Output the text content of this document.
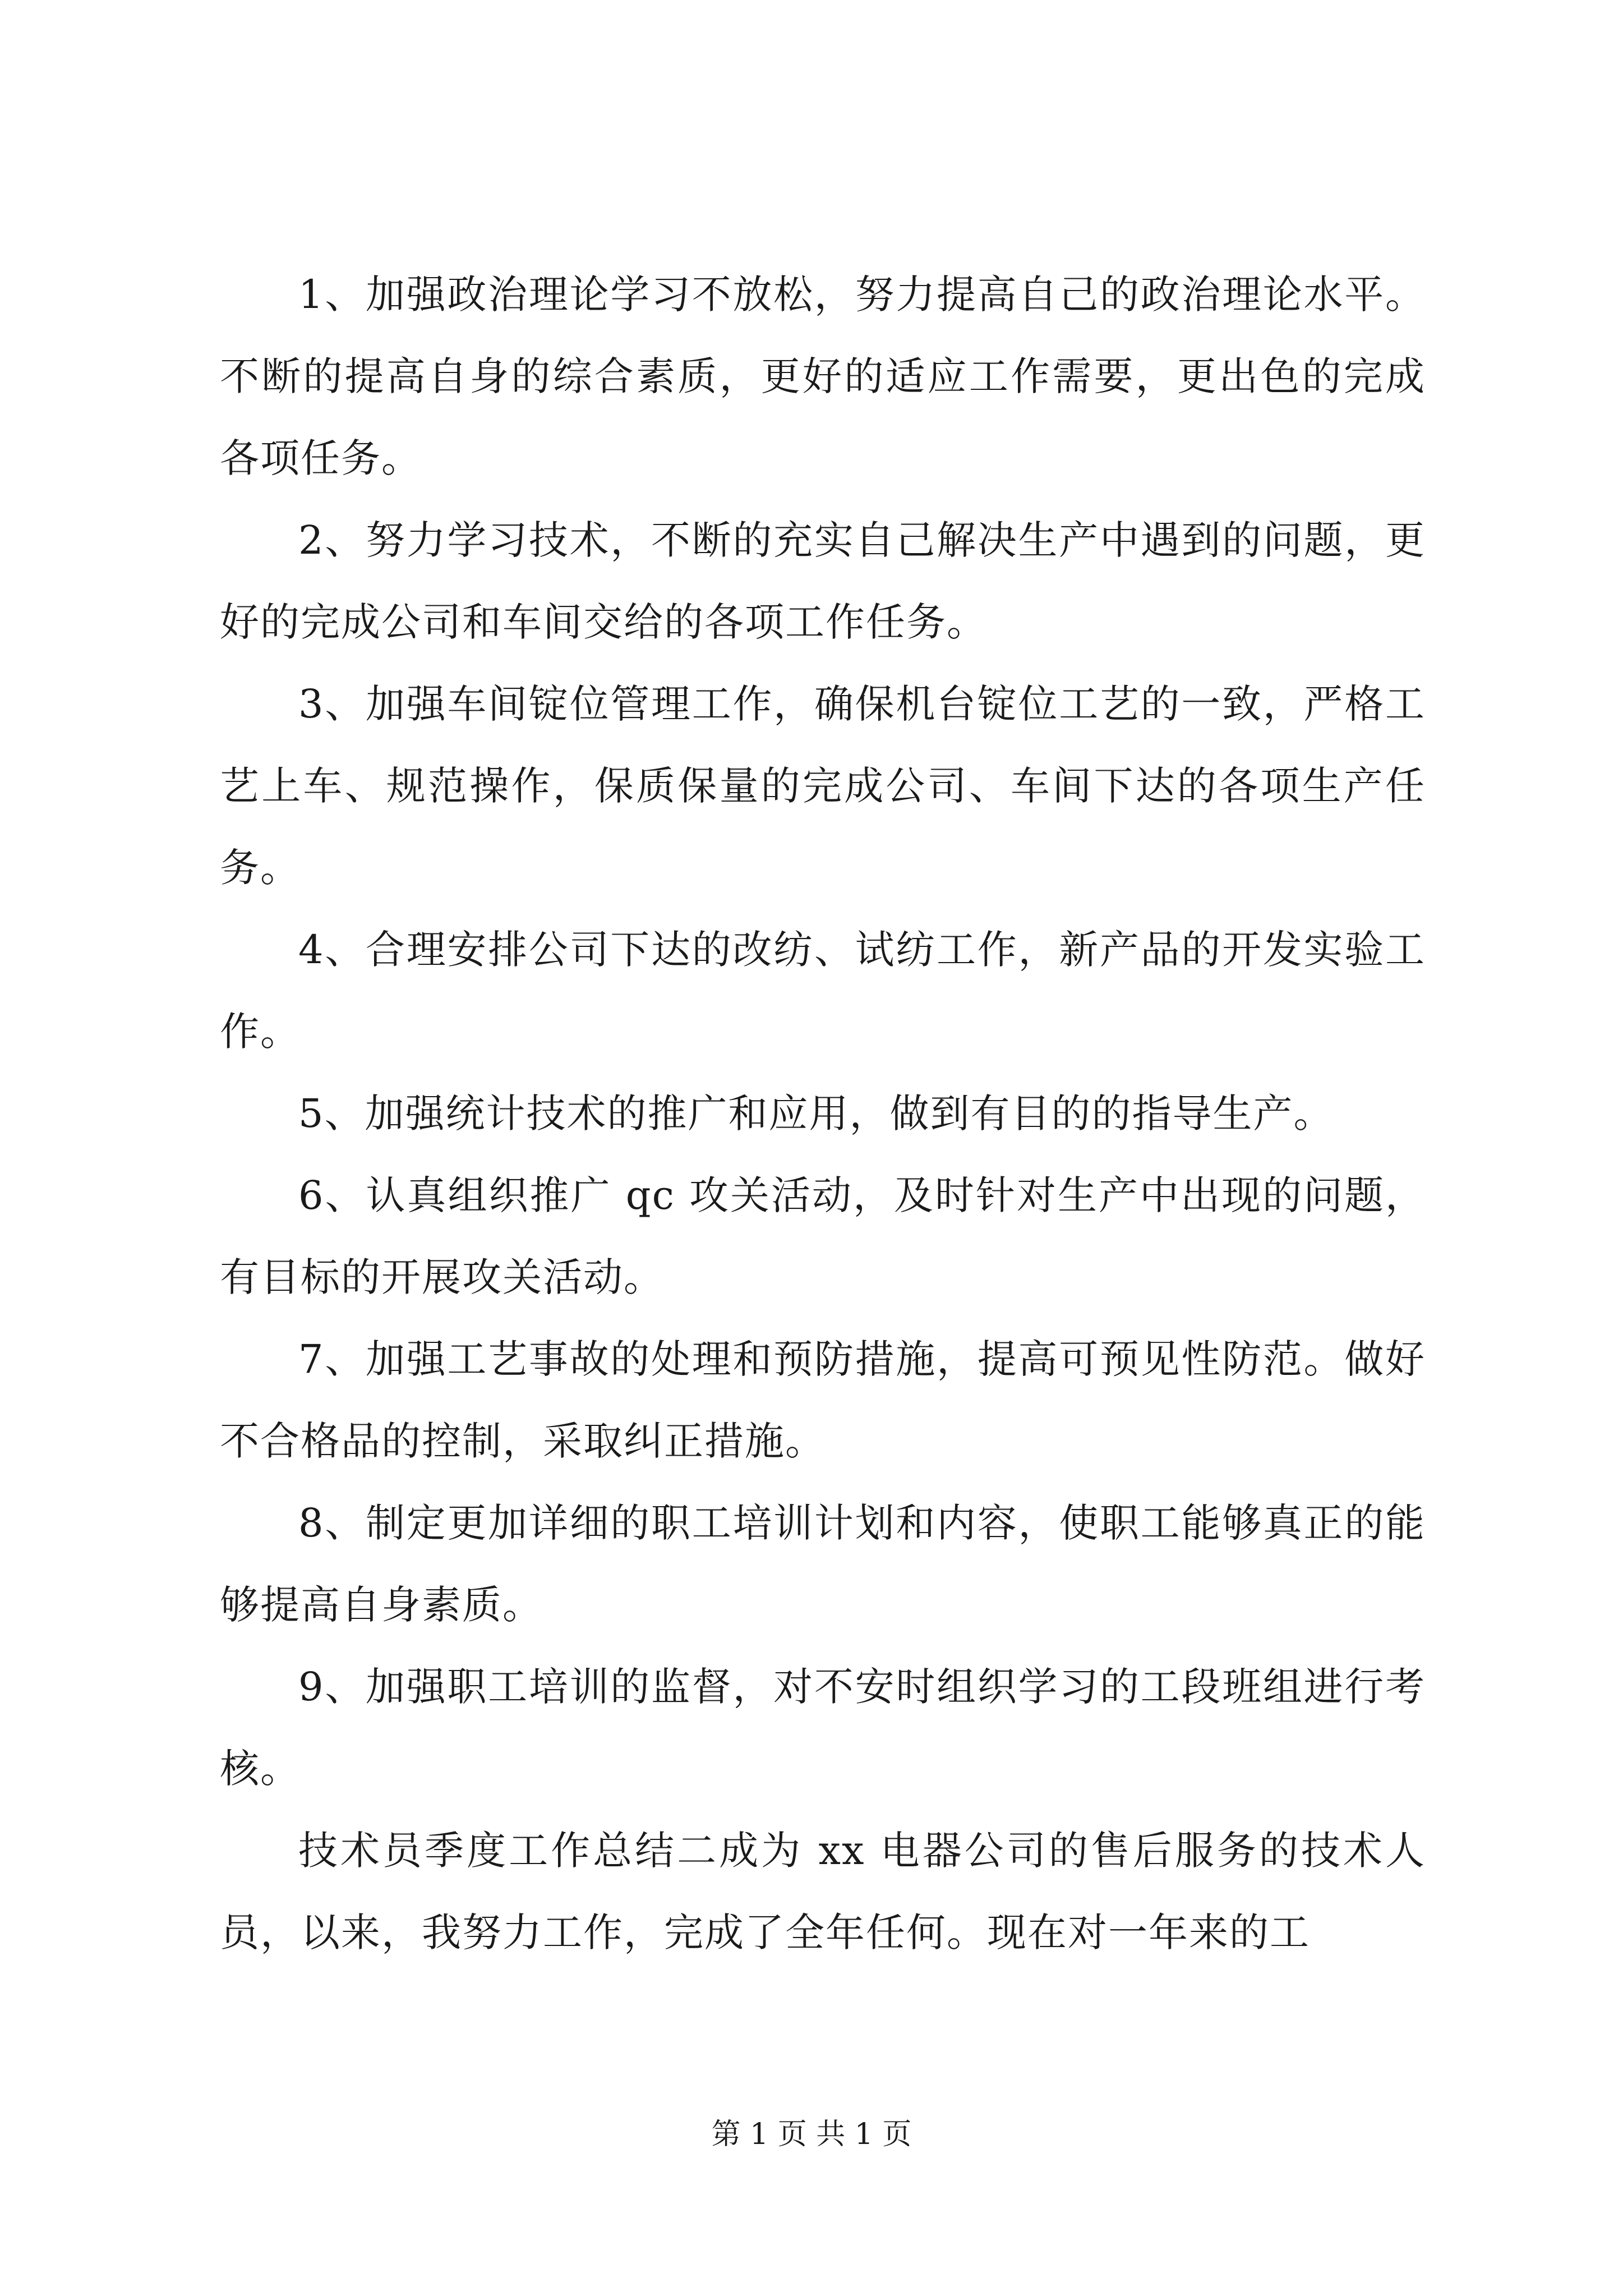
1、加强政治理论学习不放松，努力提高自己的政治理论水平。不断的提高自身的综合素质，更好的适应工作需要，更出色的完成各项任务。

2、努力学习技术，不断的充实自己解决生产中遇到的问题，更好的完成公司和车间交给的各项工作任务。

3、加强车间锭位管理工作，确保机台锭位工艺的一致，严格工艺上车、规范操作，保质保量的完成公司、车间下达的各项生产任务。

4、合理安排公司下达的改纺、试纺工作，新产品的开发实验工作。

5、加强统计技术的推广和应用，做到有目的的指导生产。

6、认真组织推广 qc 攻关活动，及时针对生产中出现的问题，有目标的开展攻关活动。

7、加强工艺事故的处理和预防措施，提高可预见性防范。做好不合格品的控制，采取纠正措施。

8、制定更加详细的职工培训计划和内容，使职工能够真正的能够提高自身素质。

9、加强职工培训的监督，对不安时组织学习的工段班组进行考核。

技术员季度工作总结二成为 xx 电器公司的售后服务的技术人员，以来，我努力工作，完成了全年任何。现在对一年来的工

第 1 页 共 1 页
